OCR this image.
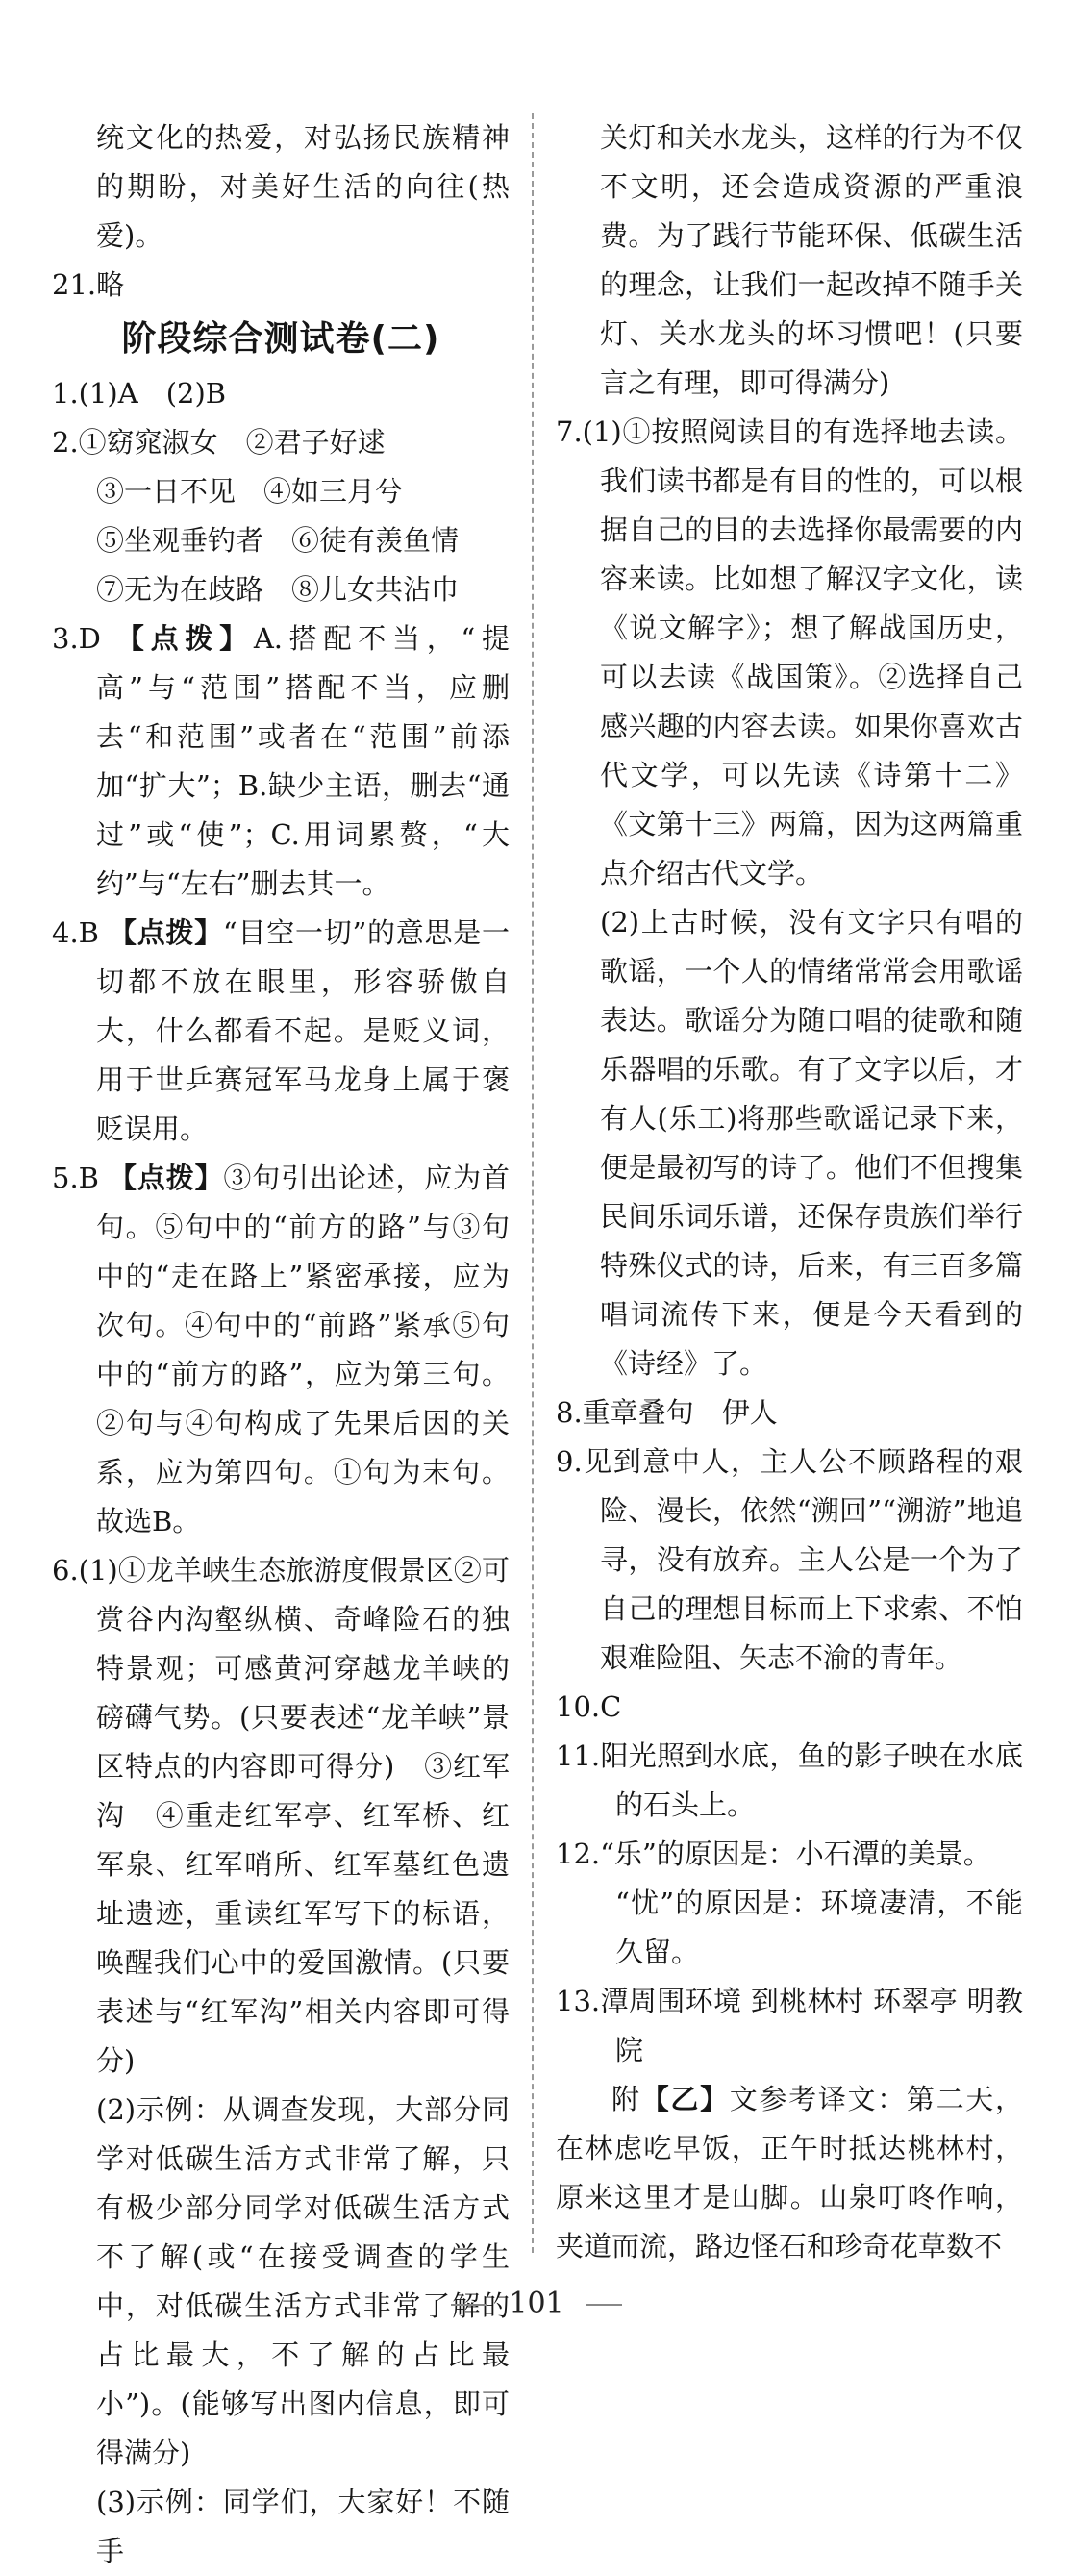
统文化的热爱，对弘扬民族精神的期盼，对美好生活的向往(热爱)。

21.略

阶段综合测试卷(二)

1.(1)A　(2)B

2.①窈窕淑女　②君子好逑

③一日不见　④如三月兮

⑤坐观垂钓者　⑥徒有羡鱼情

⑦无为在歧路　⑧儿女共沾巾

3.D 【点拨】A.搭配不当，“提高”与“范围”搭配不当，应删去“和范围”或者在“范围”前添加“扩大”；B.缺少主语，删去“通过”或“使”；C.用词累赘，“大约”与“左右”删去其一。

4.B 【点拨】“目空一切”的意思是一切都不放在眼里，形容骄傲自大，什么都看不起。是贬义词，用于世乒赛冠军马龙身上属于褒贬误用。

5.B 【点拨】③句引出论述，应为首句。⑤句中的“前方的路”与③句中的“走在路上”紧密承接，应为次句。④句中的“前路”紧承⑤句中的“前方的路”，应为第三句。②句与④句构成了先果后因的关系，应为第四句。①句为末句。故选B。

6.(1)①龙羊峡生态旅游度假景区②可赏谷内沟壑纵横、奇峰险石的独特景观；可感黄河穿越龙羊峡的磅礴气势。(只要表述“龙羊峡”景区特点的内容即可得分)　③红军沟　④重走红军亭、红军桥、红军泉、红军哨所、红军墓红色遗址遗迹，重读红军写下的标语，唤醒我们心中的爱国激情。(只要表述与“红军沟”相关内容即可得分)

(2)示例：从调查发现，大部分同学对低碳生活方式非常了解，只有极少部分同学对低碳生活方式不了解(或“在接受调查的学生中，对低碳生活方式非常了解的占比最大，不了解的占比最小”)。(能够写出图内信息，即可得满分)

(3)示例：同学们，大家好！不随手

关灯和关水龙头，这样的行为不仅不文明，还会造成资源的严重浪费。为了践行节能环保、低碳生活的理念，让我们一起改掉不随手关灯、关水龙头的坏习惯吧！(只要言之有理，即可得满分)

7.(1)①按照阅读目的有选择地去读。我们读书都是有目的性的，可以根据自己的目的去选择你最需要的内容来读。比如想了解汉字文化，读《说文解字》；想了解战国历史，可以去读《战国策》。②选择自己感兴趣的内容去读。如果你喜欢古代文学，可以先读《诗第十二》《文第十三》两篇，因为这两篇重点介绍古代文学。

(2)上古时候，没有文字只有唱的歌谣，一个人的情绪常常会用歌谣表达。歌谣分为随口唱的徒歌和随乐器唱的乐歌。有了文字以后，才有人(乐工)将那些歌谣记录下来，便是最初写的诗了。他们不但搜集民间乐词乐谱，还保存贵族们举行特殊仪式的诗，后来，有三百多篇唱词流传下来，便是今天看到的《诗经》了。

8.重章叠句　伊人

9.见到意中人，主人公不顾路程的艰险、漫长，依然“溯回”“溯游”地追寻，没有放弃。主人公是一个为了自己的理想目标而上下求索、不怕艰难险阻、矢志不渝的青年。

10.C

11.阳光照到水底，鱼的影子映在水底的石头上。

12.“乐”的原因是：小石潭的美景。

“忧”的原因是：环境凄清，不能久留。

13.潭周围环境 到桃林村 环翠亭 明教院

附【乙】文参考译文：第二天，在林虑吃早饭，正午时抵达桃林村，原来这里才是山脚。山泉叮咚作响，夹道而流，路边怪石和珍奇花草数不

101
